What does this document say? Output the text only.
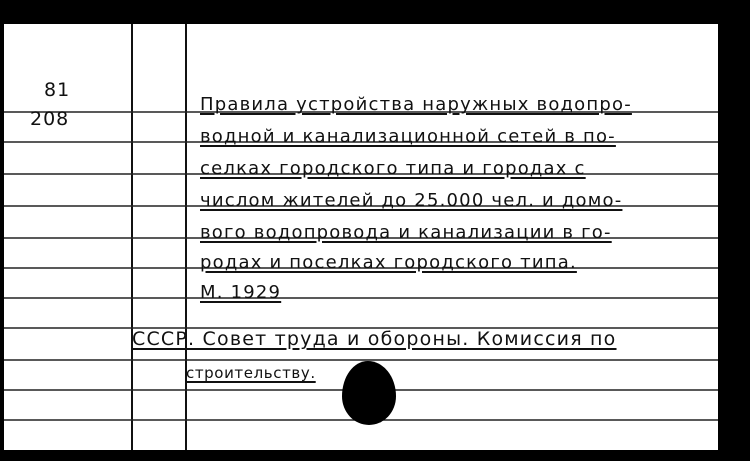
81
208
Правила устройства наружных водопро-
водной и канализационной сетей в по-
селках городского типа и городах с
числом жителей до 25.000 чел. и домо-
вого водопровода и канализации в го-
родах и поселках городского типа.
М. 1929
СССР. Совет труда и обороны. Комиссия по
строительству.
